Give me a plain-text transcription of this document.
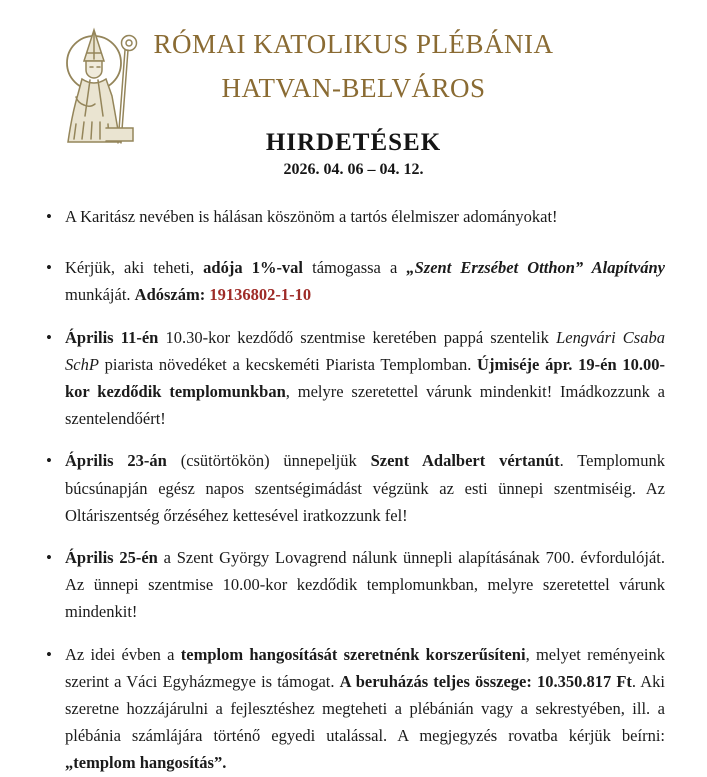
RÓMAI KATOLIKUS PLÉBÁNIA
HATVAN-BELVÁROS
HIRDETÉSEK
2026. 04. 06 – 04. 12.
• A Karitász nevében is hálásan köszönöm a tartós élelmiszer adományokat!
• Kérjük, aki teheti, adója 1%-val támogassa a „Szent Erzsébet Otthon” Alapítvány munkáját. Adószám: 19136802-1-10
• Április 11-én 10.30-kor kezdődő szentmise keretében pappá szentelik Lengvári Csaba SchP piarista növedéket a kecskeméti Piarista Templomban. Újmiséje ápr. 19-én 10.00-kor kezdődik templomunkban, melyre szeretettel várunk mindenkit! Imádkozzunk a szentelendőért!
• Április 23-án (csütörtökön) ünnepeljük Szent Adalbert vértanút. Templomunk búcsúnapján egész napos szentségimádást végzünk az esti ünnepi szentmiséig. Az Oltáriszentség őrzéséhez kettesével iratkozzunk fel!
• Április 25-én a Szent György Lovagrend nálunk ünnepli alapításának 700. évfordulóját. Az ünnepi szentmise 10.00-kor kezdődik templomunkban, melyre szeretettel várunk mindenkit!
• Az idei évben a templom hangosítását szeretnénk korszerűsíteni, melyet reményeink szerint a Váci Egyházmegye is támogat. A beruházás teljes összege: 10.350.817 Ft. Aki szeretne hozzájárulni a fejlesztéshez megteheti a plébánián vagy a sekrestyében, ill. a plébánia számlájára történő egyedi utalással. A megjegyzés rovatba kérjük beírni: „templom hangosítás”.
